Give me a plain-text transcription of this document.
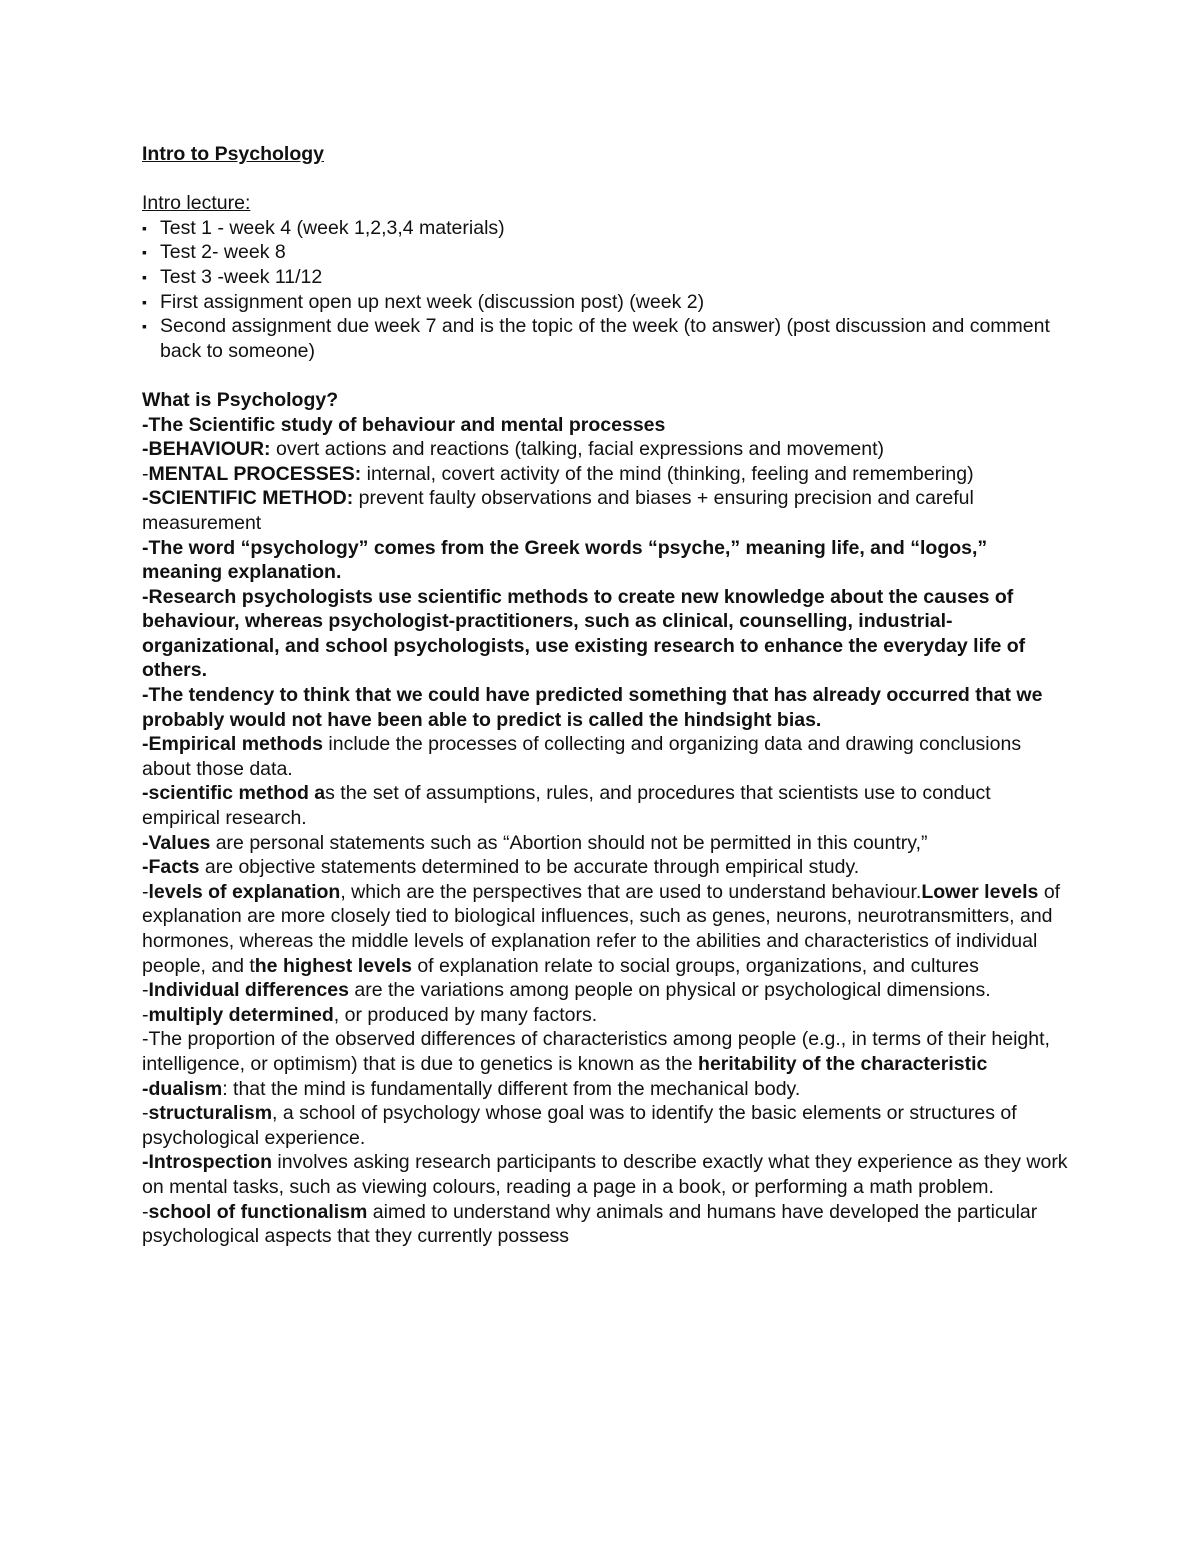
Intro to Psychology

Intro lecture:

▪ Test 1 - week 4 (week 1,2,3,4 materials)
▪ Test 2- week 8
▪ Test 3 -week 11/12
▪ First assignment open up next week (discussion post) (week 2)
▪ Second assignment due week 7 and is the topic of the week (to answer) (post discussion and comment back to someone)

What is Psychology?

-The Scientific study of behaviour and mental processes

-BEHAVIOUR: overt actions and reactions (talking, facial expressions and movement)

-MENTAL PROCESSES: internal, covert activity of the mind (thinking, feeling and remembering)

-SCIENTIFIC METHOD: prevent faulty observations and biases + ensuring precision and careful measurement

-The word “psychology” comes from the Greek words “psyche,” meaning life, and “logos,” meaning explanation.

-Research psychologists use scientific methods to create new knowledge about the causes of behaviour, whereas psychologist-practitioners, such as clinical, counselling, industrial-organizational, and school psychologists, use existing research to enhance the everyday life of others.

-The tendency to think that we could have predicted something that has already occurred that we probably would not have been able to predict is called the hindsight bias.

-Empirical methods include the processes of collecting and organizing data and drawing conclusions about those data.

-scientific method as the set of assumptions, rules, and procedures that scientists use to conduct empirical research.

-Values are personal statements such as “Abortion should not be permitted in this country,”

-Facts are objective statements determined to be accurate through empirical study.

-levels of explanation, which are the perspectives that are used to understand behaviour.Lower levels of explanation are more closely tied to biological influences, such as genes, neurons, neurotransmitters, and hormones, whereas the middle levels of explanation refer to the abilities and characteristics of individual people, and the highest levels of explanation relate to social groups, organizations, and cultures

-Individual differences are the variations among people on physical or psychological dimensions.

-multiply determined, or produced by many factors.

-The proportion of the observed differences of characteristics among people (e.g., in terms of their height, intelligence, or optimism) that is due to genetics is known as the heritability of the characteristic

-dualism: that the mind is fundamentally different from the mechanical body.

-structuralism, a school of psychology whose goal was to identify the basic elements or structures of psychological experience.

-Introspection involves asking research participants to describe exactly what they experience as they work on mental tasks, such as viewing colours, reading a page in a book, or performing a math problem.

-school of functionalism aimed to understand why animals and humans have developed the particular psychological aspects that they currently possess
